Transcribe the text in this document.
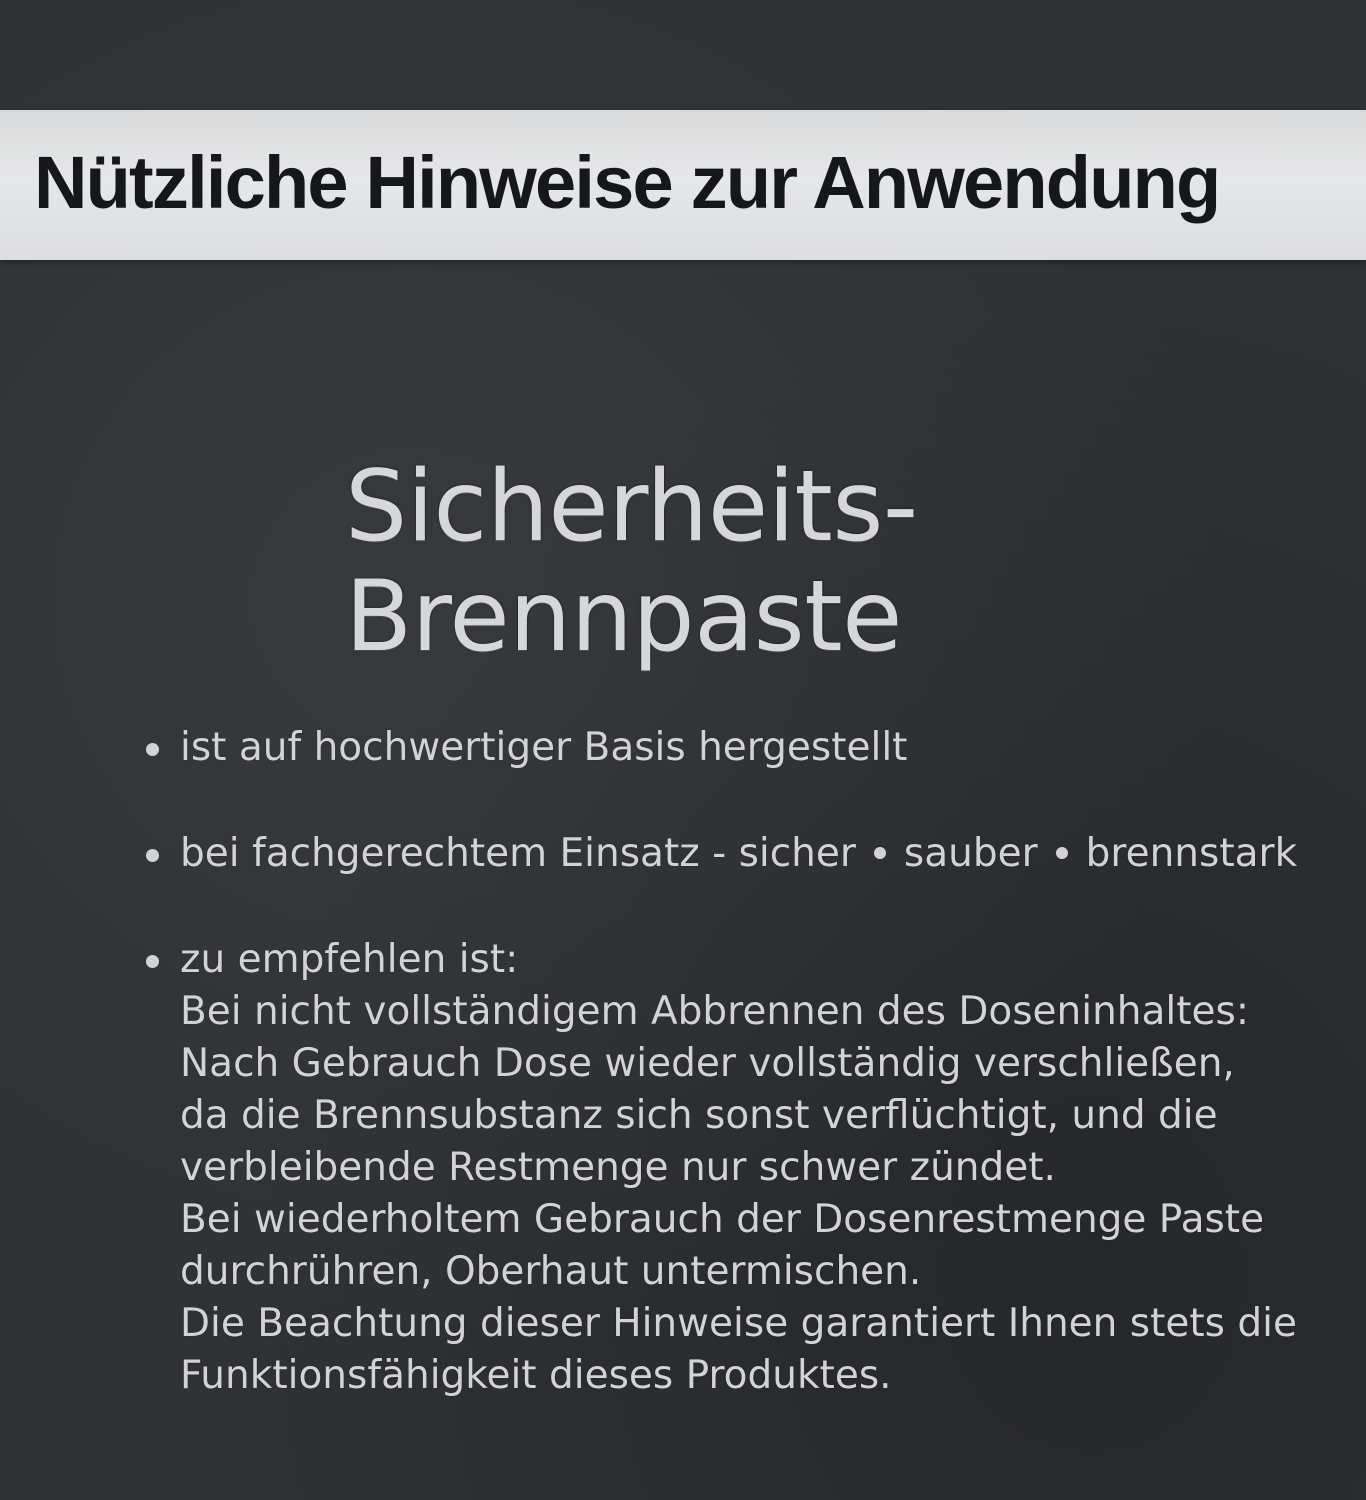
Nützliche Hinweise zur Anwendung
Sicherheits-
Brennpaste
ist auf hochwertiger Basis hergestellt
bei fachgerechtem Einsatz - sicher sauber brennstark
zu empfehlen ist:
Bei nicht vollständigem Abbrennen des Doseninhaltes:
Nach Gebrauch Dose wieder vollständig verschließen,
da die Brennsubstanz sich sonst verflüchtigt, und die
verbleibende Restmenge nur schwer zündet.
Bei wiederholtem Gebrauch der Dosenrestmenge Paste
durchrühren, Oberhaut untermischen.
Die Beachtung dieser Hinweise garantiert Ihnen stets die
Funktionsfähigkeit dieses Produktes.
